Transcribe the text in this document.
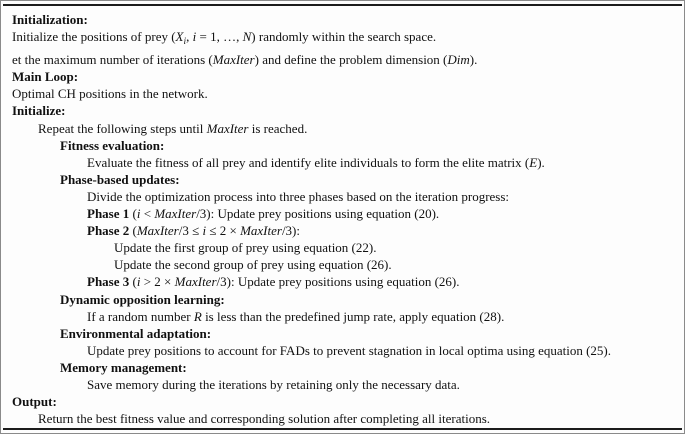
Initialization:
Initialize the positions of prey ($X_i$, i = 1, …, N) randomly within the search space.
et the maximum number of iterations (MaxIter) and define the problem dimension (Dim).
Main Loop:
Optimal CH positions in the network.
Initialize:
Repeat the following steps until MaxIter is reached.
Fitness evaluation:
Evaluate the fitness of all prey and identify elite individuals to form the elite matrix (E).
Phase-based updates:
Divide the optimization process into three phases based on the iteration progress:
Phase 1 (i < MaxIter/3): Update prey positions using equation (20).
Phase 2 (MaxIter/3 ≤ i ≤ 2 × MaxIter/3):
Update the first group of prey using equation (22).
Update the second group of prey using equation (26).
Phase 3 (i > 2 × MaxIter/3): Update prey positions using equation (26).
Dynamic opposition learning:
If a random number R is less than the predefined jump rate, apply equation (28).
Environmental adaptation:
Update prey positions to account for FADs to prevent stagnation in local optima using equation (25).
Memory management:
Save memory during the iterations by retaining only the necessary data.
Output:
Return the best fitness value and corresponding solution after completing all iterations.
